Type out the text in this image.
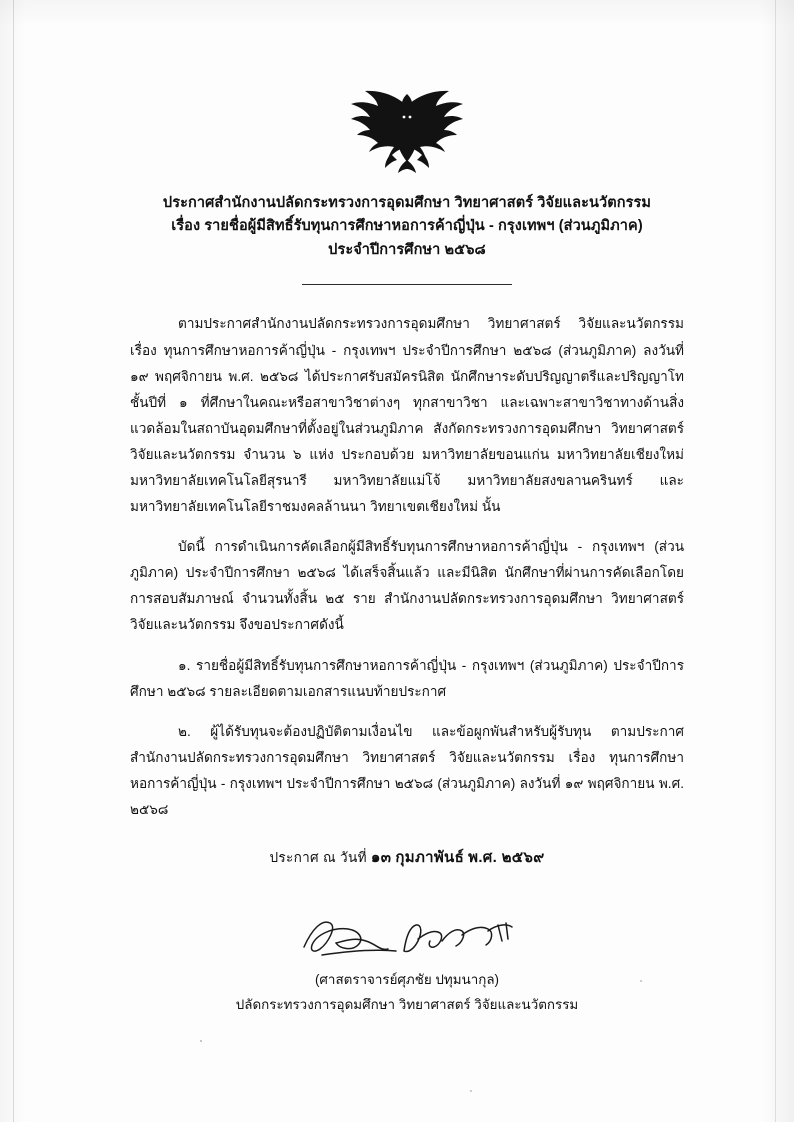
ประกาศสำนักงานปลัดกระทรวงการอุดมศึกษา วิทยาศาสตร์ วิจัยและนวัตกรรม
เรื่อง รายชื่อผู้มีสิทธิ์รับทุนการศึกษาหอการค้าญี่ปุ่น - กรุงเทพฯ (ส่วนภูมิภาค)
ประจำปีการศึกษา ๒๕๖๘

ตามประกาศสำนักงานปลัดกระทรวงการอุดมศึกษา วิทยาศาสตร์ วิจัยและนวัตกรรม เรื่อง ทุนการศึกษาหอการค้าญี่ปุ่น - กรุงเทพฯ ประจำปีการศึกษา ๒๕๖๘ (ส่วนภูมิภาค) ลงวันที่ ๑๙ พฤศจิกายน พ.ศ. ๒๕๖๘ ได้ประกาศรับสมัครนิสิต นักศึกษาระดับปริญญาตรีและปริญญาโท ชั้นปีที่ ๑ ที่ศึกษาในคณะหรือสาขาวิชาต่างๆ ทุกสาขาวิชา และเฉพาะสาขาวิชาทางด้านสิ่งแวดล้อมในสถาบันอุดมศึกษาที่ตั้งอยู่ในส่วนภูมิภาค สังกัดกระทรวงการอุดมศึกษา วิทยาศาสตร์ วิจัยและนวัตกรรม จำนวน ๖ แห่ง ประกอบด้วย มหาวิทยาลัยขอนแก่น มหาวิทยาลัยเชียงใหม่ มหาวิทยาลัยเทคโนโลยีสุรนารี มหาวิทยาลัยแม่โจ้ มหาวิทยาลัยสงขลานครินทร์ และมหาวิทยาลัยเทคโนโลยีราชมงคลล้านนา วิทยาเขตเชียงใหม่ นั้น

บัดนี้ การดำเนินการคัดเลือกผู้มีสิทธิ์รับทุนการศึกษาหอการค้าญี่ปุ่น - กรุงเทพฯ (ส่วนภูมิภาค) ประจำปีการศึกษา ๒๕๖๘ ได้เสร็จสิ้นแล้ว และมีนิสิต นักศึกษาที่ผ่านการคัดเลือกโดยการสอบสัมภาษณ์ จำนวนทั้งสิ้น ๒๕ ราย สำนักงานปลัดกระทรวงการอุดมศึกษา วิทยาศาสตร์ วิจัยและนวัตกรรม จึงขอประกาศดังนี้

๑. รายชื่อผู้มีสิทธิ์รับทุนการศึกษาหอการค้าญี่ปุ่น - กรุงเทพฯ (ส่วนภูมิภาค) ประจำปีการศึกษา ๒๕๖๘ รายละเอียดตามเอกสารแนบท้ายประกาศ

๒. ผู้ได้รับทุนจะต้องปฏิบัติตามเงื่อนไข และข้อผูกพันสำหรับผู้รับทุน ตามประกาศสำนักงานปลัดกระทรวงการอุดมศึกษา วิทยาศาสตร์ วิจัยและนวัตกรรม เรื่อง ทุนการศึกษาหอการค้าญี่ปุ่น - กรุงเทพฯ ประจำปีการศึกษา ๒๕๖๘ (ส่วนภูมิภาค) ลงวันที่ ๑๙ พฤศจิกายน พ.ศ. ๒๕๖๘

ประกาศ ณ วันที่ ๑๓ กุมภาพันธ์ พ.ศ. ๒๕๖๙
(ศาสตราจารย์ศุภชัย ปทุมนากุล)
ปลัดกระทรวงการอุดมศึกษา วิทยาศาสตร์ วิจัยและนวัตกรรม
